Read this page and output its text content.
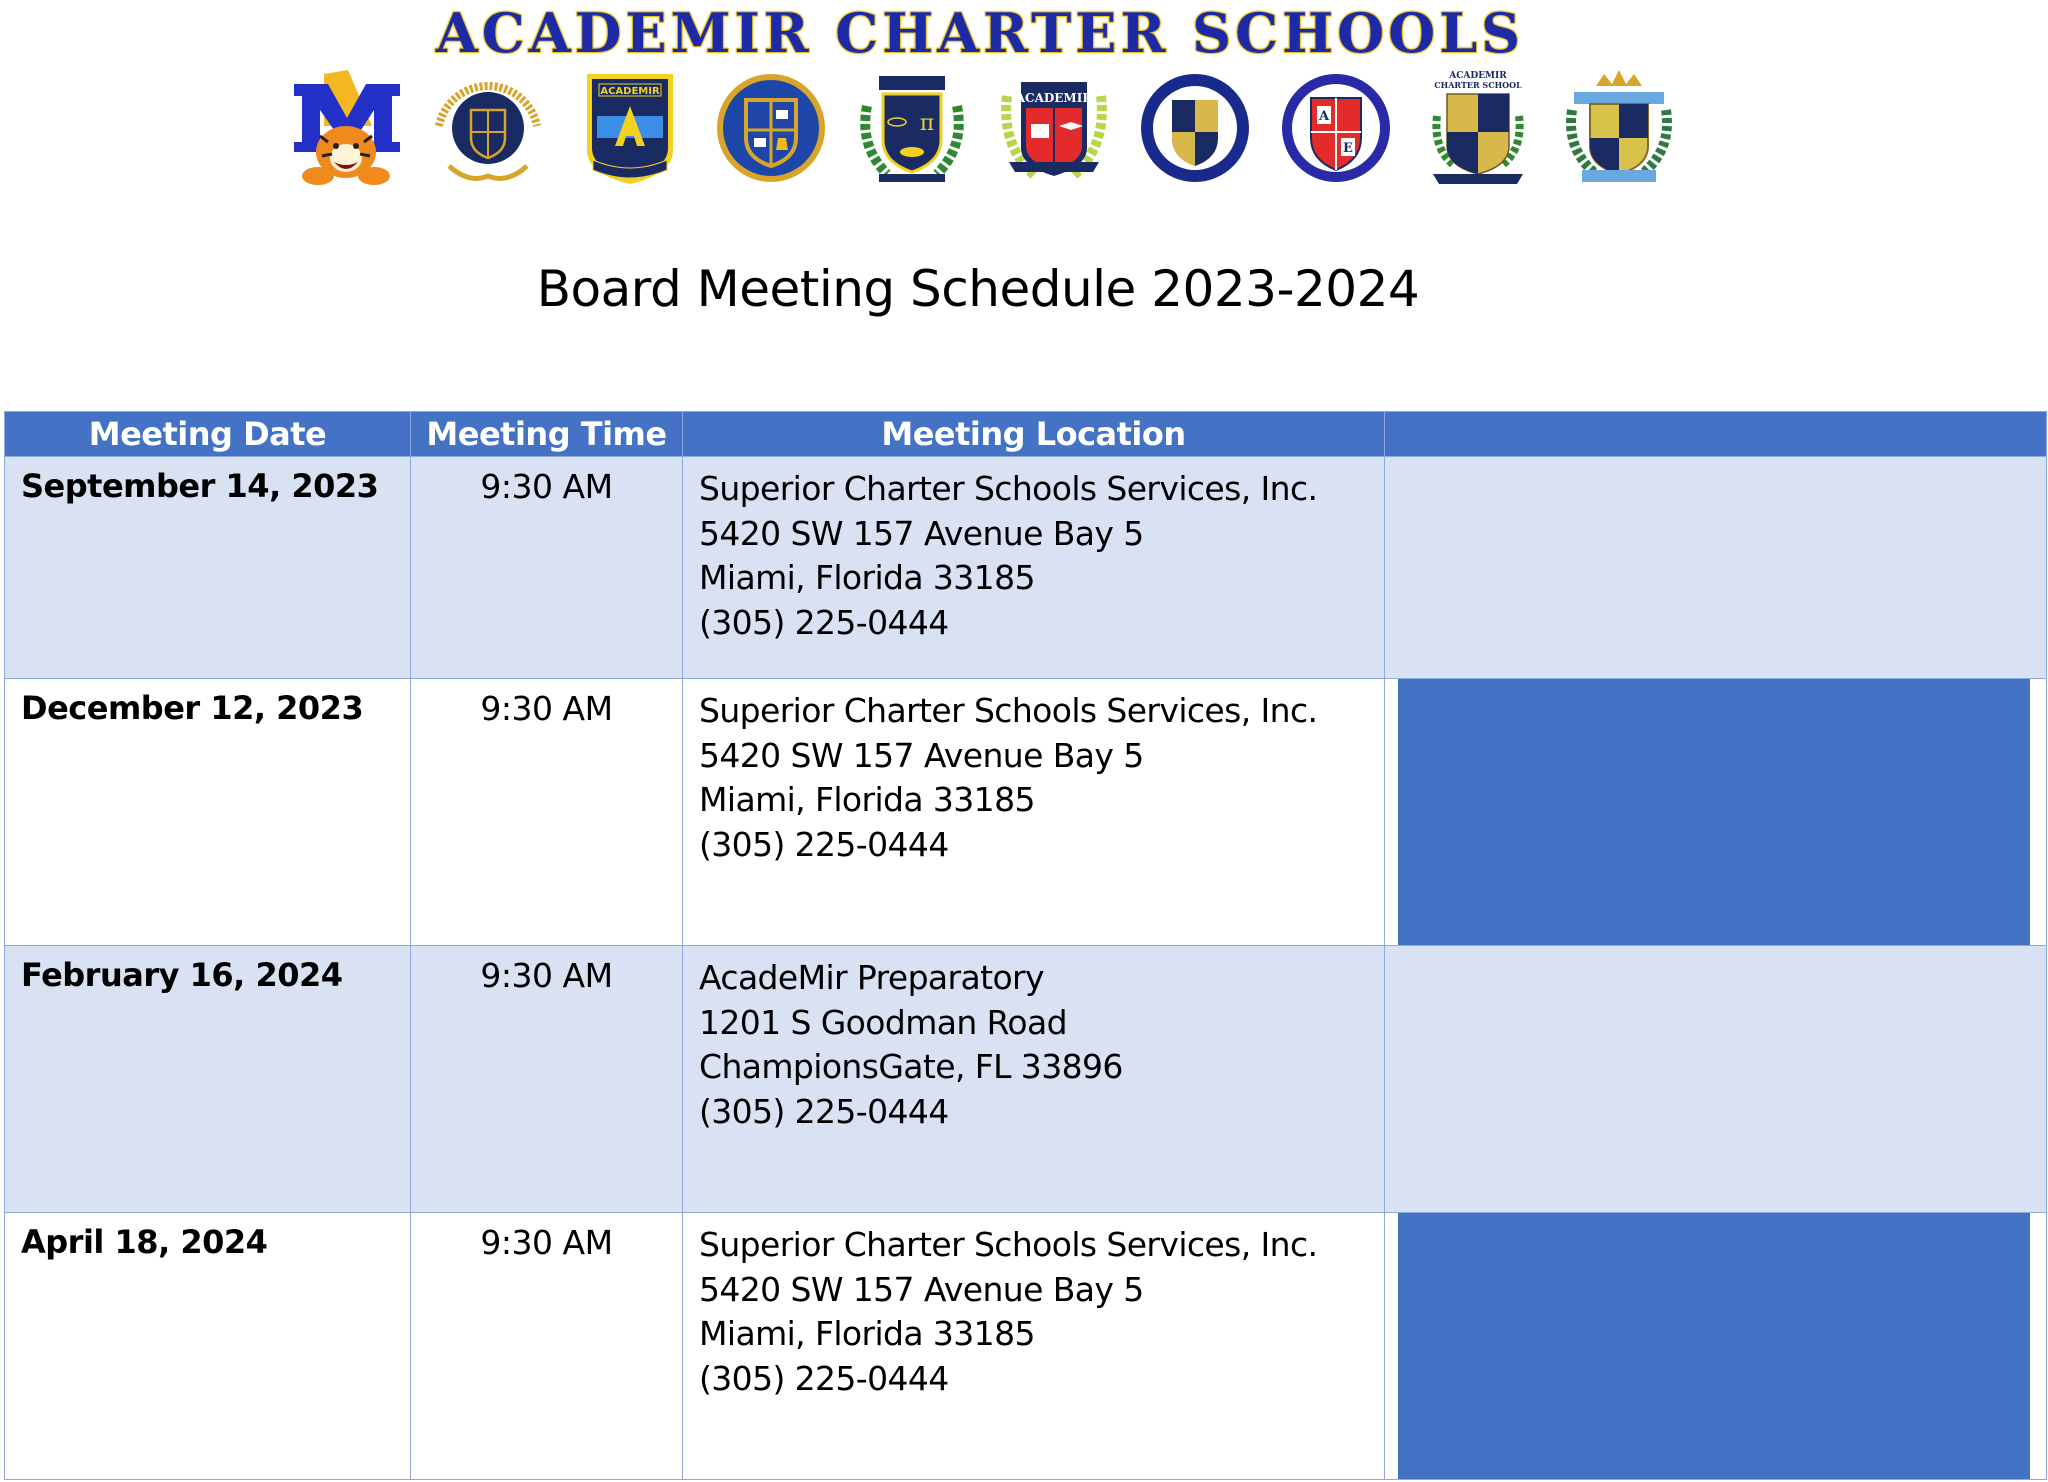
ACADEMIR CHARTER SCHOOLS
ACADEMIR
π
ACADEMIR
π
A
E
ACADEMIR
CHARTER SCHOOL
Board Meeting Schedule 2023-2024
Meeting Date	Meeting Time	Meeting Location	
September 14, 2023	9:30 AM	Superior Charter Schools Services, Inc.
5420 SW 157 Avenue Bay 5
Miami, Florida 33185
(305) 225-0444	

December 12, 2023	9:30 AM	Superior Charter Schools Services, Inc.
5420 SW 157 Avenue Bay 5
Miami, Florida 33185
(305) 225-0444	

February 16, 2024	9:30 AM	AcadeMir Preparatory
1201 S Goodman Road
ChampionsGate, FL 33896
(305) 225-0444	

April 18, 2024	9:30 AM	Superior Charter Schools Services, Inc.
5420 SW 157 Avenue Bay 5
Miami, Florida 33185
(305) 225-0444	
